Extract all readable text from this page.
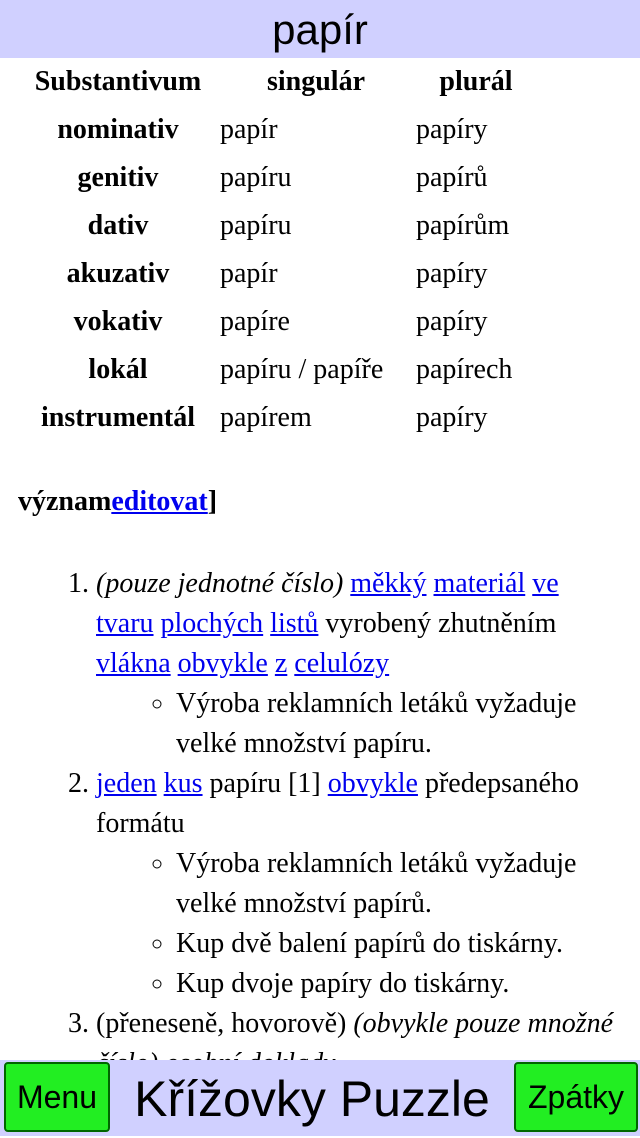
papír
Substantivum	singulár	plurál
nominativ	papír	papíry
genitiv	papíru	papírů
dativ	papíru	papírům
akuzativ	papír	papíry
vokativ	papíre	papíry
lokál	papíru / papíře	papírech
instrumentál	papírem	papíry
význameditovat]
1. (pouze jednotné číslo) měkký materiál ve tvaru plochých listů vyrobený zhutněním vlákna obvykle z celulózy
◦ Výroba reklamních letáků vyžaduje velké množství papíru.
2. jeden kus papíru [1] obvykle předepsaného formátu
◦ Výroba reklamních letáků vyžaduje velké množství papírů.
◦ Kup dvě balení papírů do tiskárny.
◦ Kup dvoje papíry do tiskárny.
3. (přeneseně, hovorově) (obvykle pouze množné
Menu Křížovky Puzzle	Zpátky
